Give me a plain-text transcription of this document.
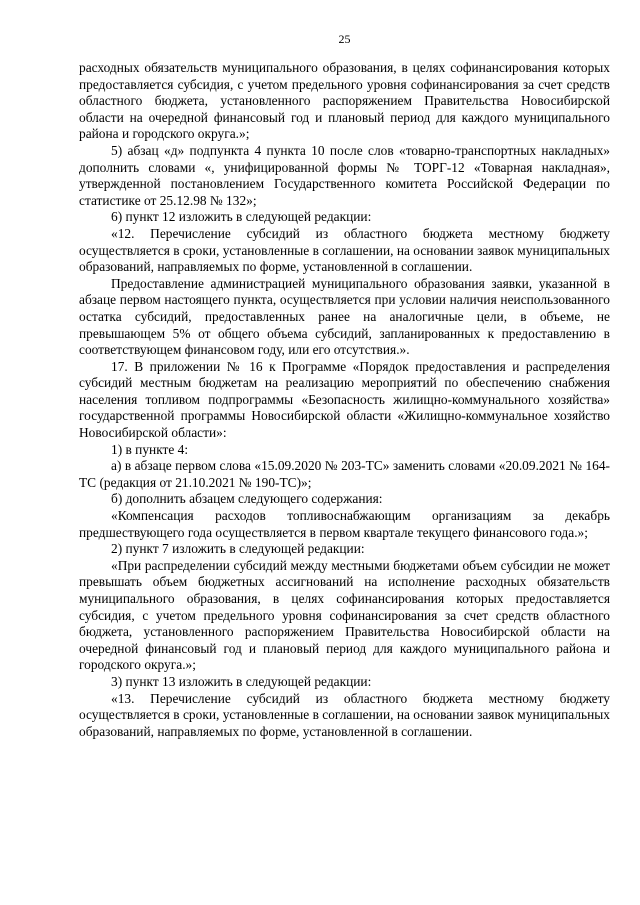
25

расходных обязательств муниципального образования, в целях софинансирования которых предоставляется субсидия, с учетом предельного уровня софинансирования за счет средств областного бюджета, установленного распоряжением Правительства Новосибирской области на очередной финансовый год и плановый период для каждого муниципального района и городского округа.»;

5) абзац «д» подпункта 4 пункта 10 после слов «товарно-транспортных накладных» дополнить словами «, унифицированной формы № ТОРГ-12 «Товарная накладная», утвержденной постановлением Государственного комитета Российской Федерации по статистике от 25.12.98 № 132»;

6) пункт 12 изложить в следующей редакции:

«12. Перечисление субсидий из областного бюджета местному бюджету осуществляется в сроки, установленные в соглашении, на основании заявок муниципальных образований, направляемых по форме, установленной в соглашении.

Предоставление администрацией муниципального образования заявки, указанной в абзаце первом настоящего пункта, осуществляется при условии наличия неиспользованного остатка субсидий, предоставленных ранее на аналогичные цели, в объеме, не превышающем 5% от общего объема субсидий, запланированных к предоставлению в соответствующем финансовом году, или его отсутствия.».

17. В приложении № 16 к Программе «Порядок предоставления и распределения субсидий местным бюджетам на реализацию мероприятий по обеспечению снабжения населения топливом подпрограммы «Безопасность жилищно-коммунального хозяйства» государственной программы Новосибирской области «Жилищно-коммунальное хозяйство Новосибирской области»:

1) в пункте 4:

а) в абзаце первом слова «15.09.2020 № 203-ТС» заменить словами «20.09.2021 № 164-ТС (редакция от 21.10.2021 № 190-ТС)»;

б) дополнить абзацем следующего содержания:

«Компенсация расходов топливоснабжающим организациям за декабрь предшествующего года осуществляется в первом квартале текущего финансового года.»;

2) пункт 7 изложить в следующей редакции:

«При распределении субсидий между местными бюджетами объем субсидии не может превышать объем бюджетных ассигнований на исполнение расходных обязательств муниципального образования, в целях софинансирования которых предоставляется субсидия, с учетом предельного уровня софинансирования за счет средств областного бюджета, установленного распоряжением Правительства Новосибирской области на очередной финансовый год и плановый период для каждого муниципального района и городского округа.»;

3) пункт 13 изложить в следующей редакции:

«13. Перечисление субсидий из областного бюджета местному бюджету осуществляется в сроки, установленные в соглашении, на основании заявок муниципальных образований, направляемых по форме, установленной в соглашении.
